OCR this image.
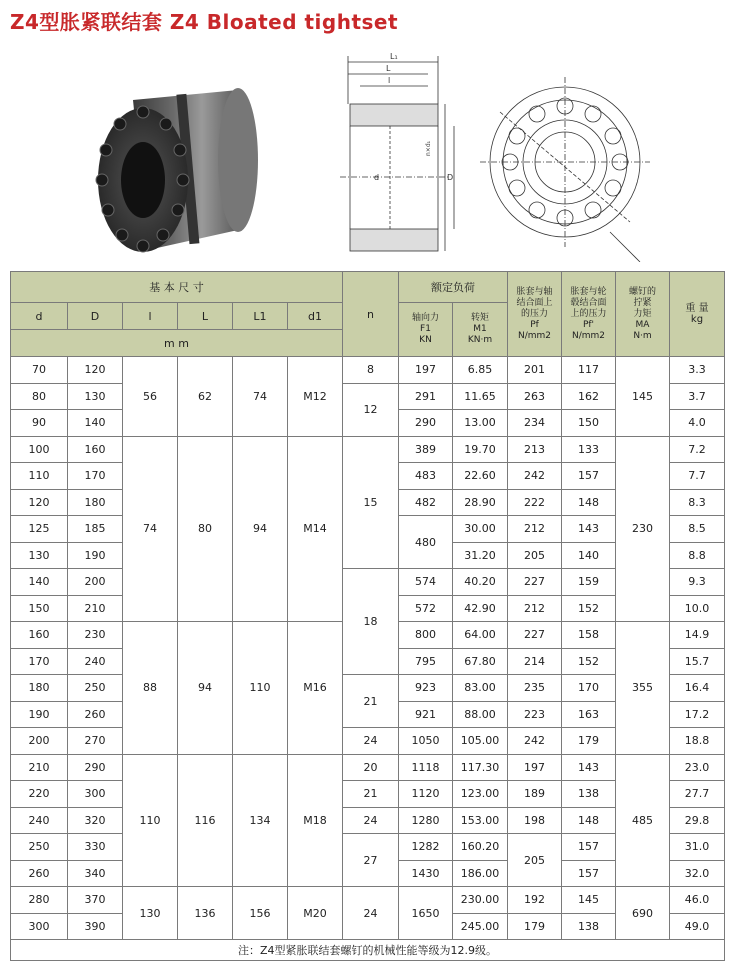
Z4型胀紧联结套 Z4 Bloated tightset
L₁
L
l
d	D
n×d₁
基 本 尺 寸						n	额定负荷		胀套与轴
结合面上
的压力
Pf
N/mm2	胀套与轮
毂结合面
上的压力
Pf'
N/mm2	螺钉的
拧紧
力矩
MA
N·m	重 量
kg
d	D	l	L	L1	d1		轴向力
F1
KN	转矩
M1
KN·m				
m m												
70	120	56	62	74	M12	8	197	6.85	201	117	145	3.3
80	130					12	291	11.65	263	162		3.7
90	140						290	13.00	234	150		4.0
100	160	74	80	94	M14	15	389	19.70	213	133	230	7.2
110	170						483	22.60	242	157		7.7
120	180						482	28.90	222	148		8.3
125	185						480	30.00	212	143		8.5
130	190							31.20	205	140		8.8
140	200					18	574	40.20	227	159		9.3
150	210						572	42.90	212	152		10.0
160	230	88	94	110	M16		800	64.00	227	158	355	14.9
170	240						795	67.80	214	152		15.7
180	250					21	923	83.00	235	170		16.4
190	260						921	88.00	223	163		17.2
200	270					24	1050	105.00	242	179		18.8
210	290	110	116	134	M18	20	1118	117.30	197	143	485	23.0
220	300					21	1120	123.00	189	138		27.7
240	320					24	1280	153.00	198	148		29.8
250	330					27	1282	160.20	205	157		31.0
260	340						1430	186.00		157		32.0
280	370	130	136	156	M20	24	1650	230.00	192	145	690	46.0
300	390							245.00	179	138		49.0
注：Z4型紧胀联结套螺钉的机械性能等级为12.9级。												
